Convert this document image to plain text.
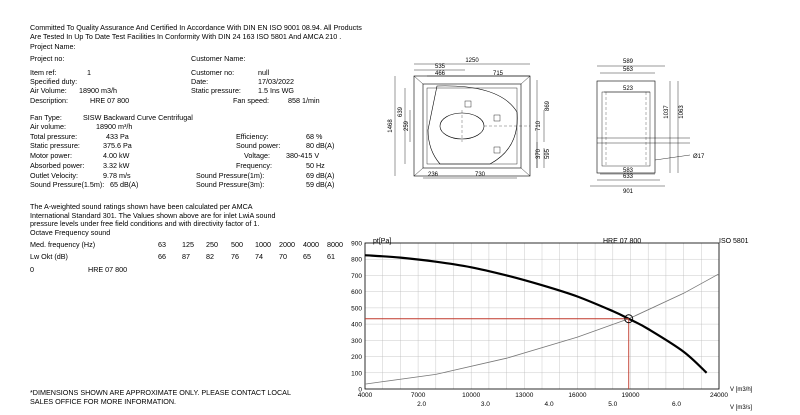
Committed To Quality Assurance And Certified In Accordance With DIN EN ISO 9001 08.94. All Products
Are Tested In Up To Date Test Facilities In Conformity With DIN 24 163 ISO 5801 And AMCA 210 .
Project Name:
Project no:	Customer Name:
Item ref:	1	Customer no:	null
Specified duty:	Date:	17/03/2022
Air Volume: 18900 m3/h	Static pressure: 1.5 Ins WG
Description:	HRE 07 800	Fan speed:	858 1/min
Fan Type:	SISW Backward Curve Centrifugal
Air volume:	18900 m³/h
Total pressure:	433 Pa	Efficiency:	68 %
Static pressure:	375.6 Pa	Sound power:	80 dB(A)
Motor power:	4.00 kW	Voltage: 380-415 V
Absorbed power:	3.32 kW	Frequency:	50 Hz
Outlet Velocity:	9.78 m/s	Sound Pressure(1m):	69 dB(A)
Sound Pressure(1.5m): 65 dB(A)	Sound Pressure(3m):	59 dB(A)
The A-weighted sound ratings shown have been calculated per AMCA
International Standard 301. The Values shown above are for inlet LwiA sound
pressure levels under free field conditions and with directivity factor of 1.
Octave Frequency sound
Med. frequency (Hz)	63 125 250 500 1000 2000 4000 8000
Lw Okt (dB)	66 87 82 76 74 70 65 61
0	HRE 07 800
*DIMENSIONS SHOWN ARE APPROXIMATE ONLY. PLEASE CONTACT LOCAL
SALES OFFICE FOR MORE INFORMATION.
1250
535
466	715
1468
639
259
869
710
595
370
236	730
589
563
523
1037 1063
583
633
901
Ø17
pt[Pa]	HRE 07 800	ISO 5801
V [m3/h]
V [m3/s]
0
100
200
300
400
500
600
700
800
900
4000	7000	10000	13000	16000	19000	24000
2.0	3.0	4.0	5.0	6.0
